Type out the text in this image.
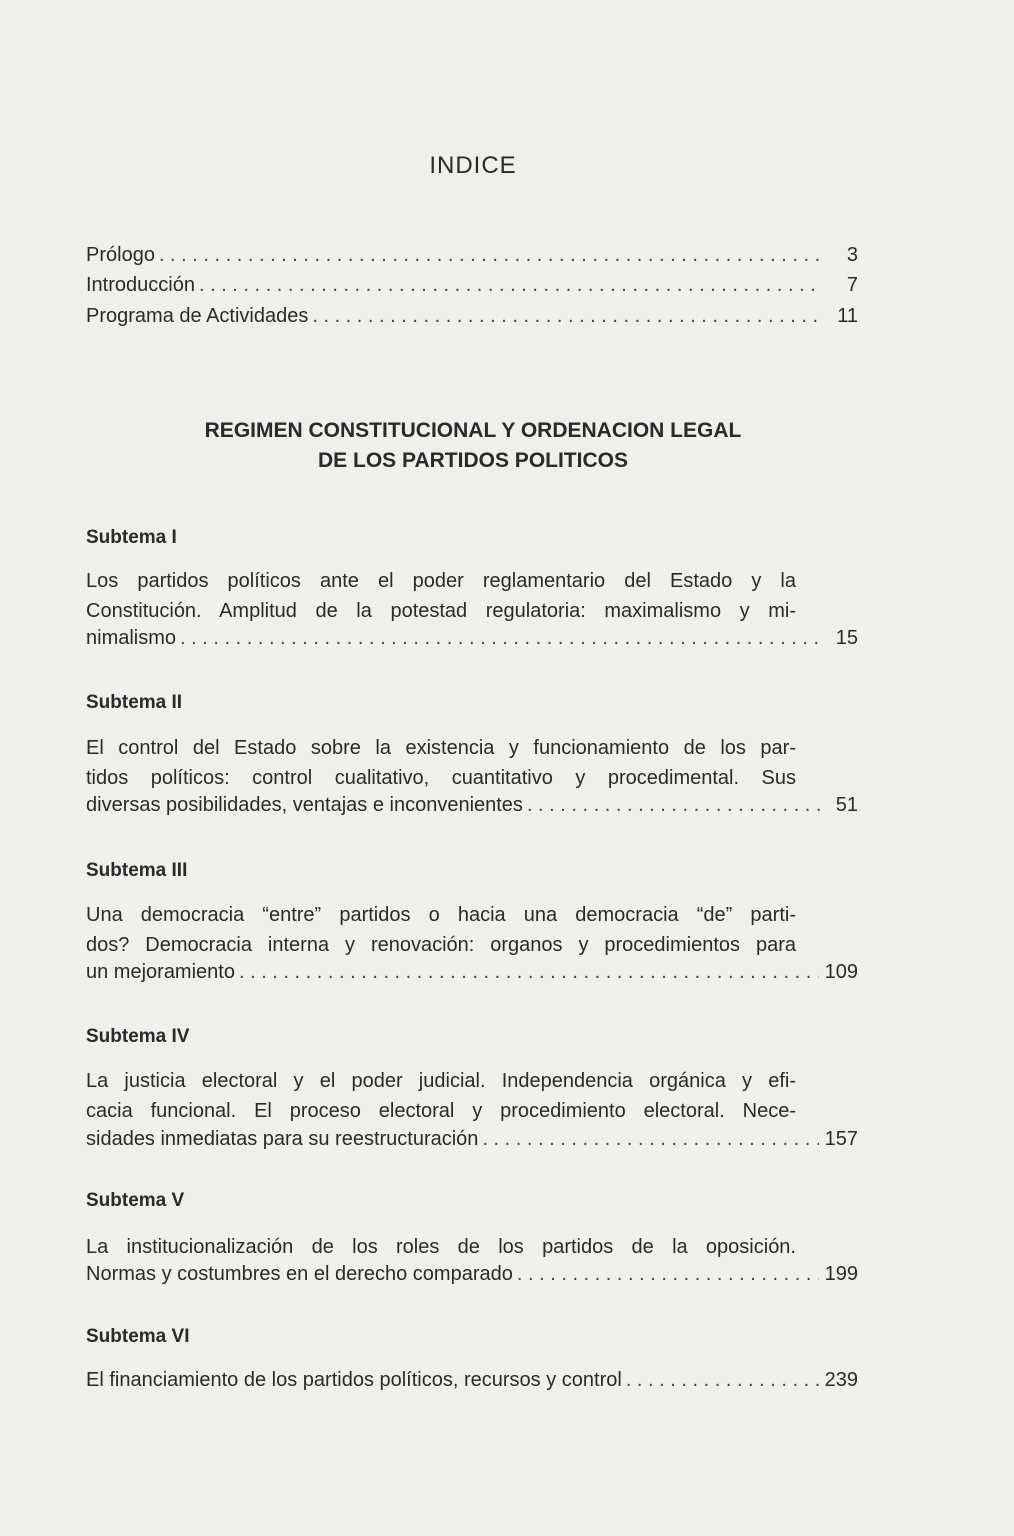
INDICE
Prólogo . . .	3
Introducción . . .	7
Programa de Actividades . . .	11
REGIMEN CONSTITUCIONAL Y ORDENACION LEGAL
DE LOS PARTIDOS POLITICOS
Subtema I
Los partidos políticos ante el poder reglamentario del Estado y la
Constitución. Amplitud de la potestad regulatoria: maximalismo y mi-
nimalismo . . .	15
Subtema II
El control del Estado sobre la existencia y funcionamiento de los par-
tidos políticos: control cualitativo, cuantitativo y procedimental. Sus
diversas posibilidades, ventajas e inconvenientes . . .	51
Subtema III
Una democracia “entre” partidos o hacia una democracia “de” parti-
dos? Democracia interna y renovación: organos y procedimientos para
un mejoramiento . . .	109
Subtema IV
La justicia electoral y el poder judicial. Independencia orgánica y efi-
cacia funcional. El proceso electoral y procedimiento electoral. Nece-
sidades inmediatas para su reestructuración . . .	157
Subtema V
La institucionalización de los roles de los partidos de la oposición.
Normas y costumbres en el derecho comparado . . .	199
Subtema VI
El financiamiento de los partidos políticos, recursos y control . . .	239
